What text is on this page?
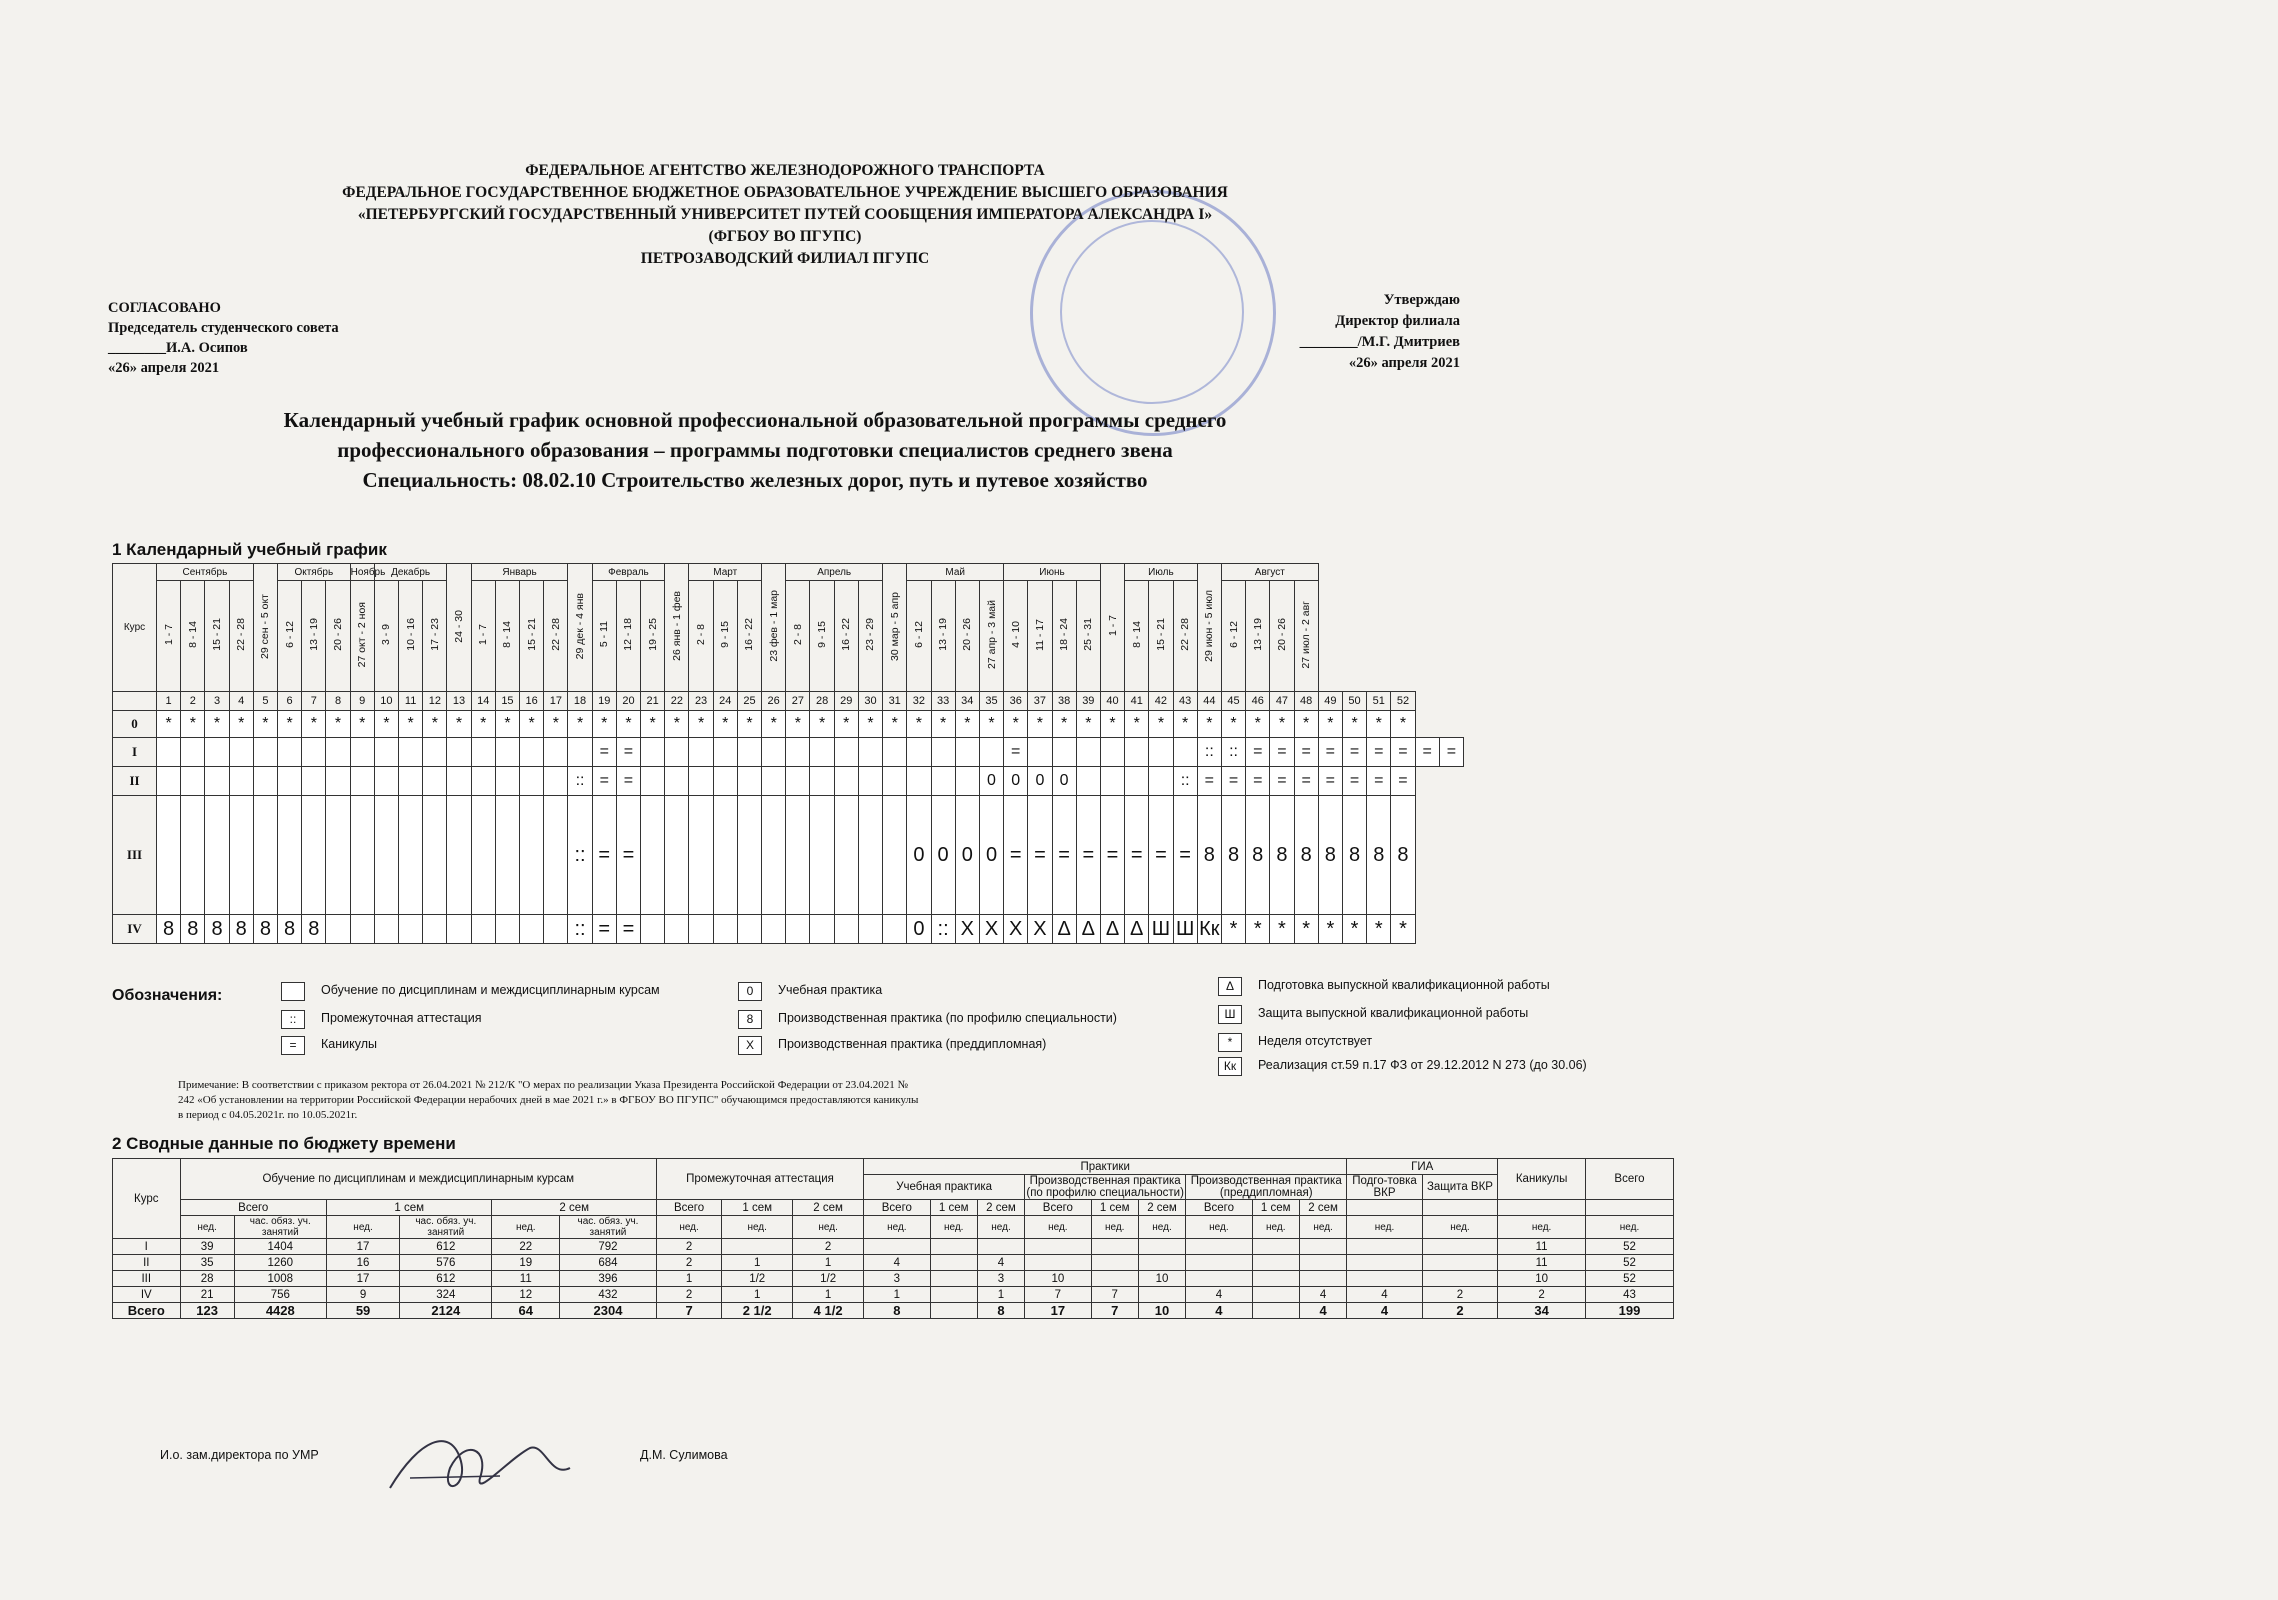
ФЕДЕРАЛЬНОЕ АГЕНТСТВО ЖЕЛЕЗНОДОРОЖНОГО ТРАНСПОРТА
ФЕДЕРАЛЬНОЕ ГОСУДАРСТВЕННОЕ БЮДЖЕТНОЕ ОБРАЗОВАТЕЛЬНОЕ УЧРЕЖДЕНИЕ ВЫСШЕГО ОБРАЗОВАНИЯ
«ПЕТЕРБУРГСКИЙ ГОСУДАРСТВЕННЫЙ УНИВЕРСИТЕТ ПУТЕЙ СООБЩЕНИЯ ИМПЕРАТОРА АЛЕКСАНДРА I»
(ФГБОУ ВО ПГУПС)
ПЕТРОЗАВОДСКИЙ ФИЛИАЛ ПГУПС
СОГЛАСОВАНО
Председатель студенческого совета
________И.А. Осипов
«26» апреля 2021
Утверждаю
Директор филиала
________/М.Г. Дмитриев
«26» апреля 2021
Календарный учебный график основной профессиональной образовательной программы среднего
профессионального образования – программы подготовки специалистов среднего звена
Специальность: 08.02.10 Строительство железных дорог, путь и путевое хозяйство
1 Календарный учебный график
Курс	Сентябрь				29 сен - 5 окт	Октябрь			Ноябрь	Декабрь			24 - 30	Январь				29 дек - 4 янв	Февраль			26 янв - 1 фев	Март			23 фев - 1 мар	Апрель				30 мар - 5 апр	Май				Июнь				1 - 7	Июль			29 июн - 5 июл	Август									
	1 - 7	8 - 14	15 - 21	22 - 28		6 - 12	13 - 19	20 - 26	27 окт - 2 ноя	3 - 9	10 - 16	17 - 23		1 - 7	8 - 14	15 - 21	22 - 28		5 - 11	12 - 18	19 - 25		2 - 8	9 - 15	16 - 22		2 - 8	9 - 15	16 - 22	23 - 29		6 - 12	13 - 19	20 - 26	27 апр - 3 май	4 - 10	11 - 17	18 - 24	25 - 31		8 - 14	15 - 21	22 - 28		6 - 12	13 - 19	20 - 26	27 июл - 2 авг						
	1	2	3	4	5	6	7	8	9	10	11	12	13	14	15	16	17	18	19	20	21	22	23	24	25	26	27	28	29	30	31	32	33	34	35	36	37	38	39	40	41	42	43	44	45	46	47	48	49	50	51	52		
0	*	*	*	*	*	*	*	*	*	*	*	*	*	*	*	*	*	*	*	*	*	*	*	*	*	*	*	*	*	*	*	*	*	*	*	*	*	*	*	*	*	*	*	*	*	*	*	*	*	*	*	*		
I																			=	=																=								::	::	=	=	=	=	=	=	=	=	=
II																		::	=	=															0	0	0	0					::	=	=	=	=	=	=	=	=	=		
III																		::	=	=												0	0	0	0	=	=	=	=	=	=	=	=	8	8	8	8	8	8	8	8	8		
IV	8	8	8	8	8	8	8											::	=	=												0	::	Х	Х	Х	Х	Δ	Δ	Δ	Δ	Ш	Ш	Кк	*	*	*	*	*	*	*	*		
Обозначения:	Обучение по дисциплинам и междисциплинарным курсам
::	Промежуточная аттестация
=	Каникулы
0	Учебная практика
8	Производственная практика (по профилю специальности)
Х	Производственная практика (преддипломная)
Δ	Подготовка выпускной квалификационной работы
Ш	Защита выпускной квалификационной работы
*	Неделя отсутствует
Кк	Реализация ст.59 п.17 ФЗ от 29.12.2012 N 273 (до 30.06)
Примечание: В соответствии с приказом ректора от 26.04.2021 № 212/К "О мерах по реализации Указа Президента Российской Федерации от 23.04.2021 №
242 «Об установлении на территории Российской Федерации нерабочих дней в мае 2021 г.» в ФГБОУ ВО ПГУПС" обучающимся предоставляются каникулы
в период с 04.05.2021г. по 10.05.2021г.
2 Сводные данные по бюджету времени
Курс	Обучение по дисциплинам и междисциплинарным курсам						Промежуточная аттестация			Практики									ГИА		Каникулы	Всего
										Учебная практика			Производственная практика (по профилю специальности)			Производственная практика (преддипломная)			Подго-товка ВКР	Защита ВКР		

	Всего		1 сем		2 сем		Всего	1 сем	2 сем	Всего	1 сем	2 сем	Всего	1 сем	2 сем	Всего	1 сем	2 сем				
	нед.	час. обяз. уч. занятий	нед.	час. обяз. уч. занятий	нед.	час. обяз. уч. занятий	нед.	нед.	нед.	нед.	нед.	нед.	нед.	нед.	нед.	нед.	нед.	нед.	нед.	нед.	нед.	нед.
I	39	1404	17	612	22	792	2		2												11	52
II	35	1260	16	576	19	684	2	1	1	4		4									11	52
III	28	1008	17	612	11	396	1	1/2	1/2	3		3	10		10						10	52
IV	21	756	9	324	12	432	2	1	1	1		1	7	7		4		4	4	2	2	43
Всего	123	4428	59	2124	64	2304	7	2 1/2	4 1/2	8		8	17	7	10	4		4	4	2	34	199
И.о. зам.директора по УМР	Д.М. Сулимова
